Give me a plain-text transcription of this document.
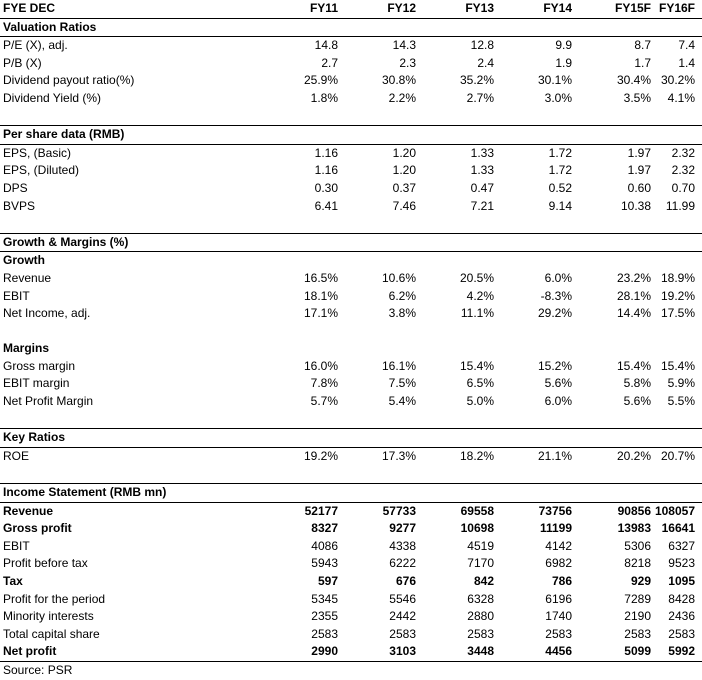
FYE DEC	FY11	FY12	FY13	FY14	FY15F FY16F
Valuation Ratios
P/E (X), adj.	14.8	14.3	12.8	9.9	8.7	7.4
P/B (X)	2.7	2.3	2.4	1.9	1.7	1.4
Dividend payout ratio(%)	25.9%	30.8%	35.2%	30.1%	30.4% 30.2%
Dividend Yield (%)	1.8%	2.2%	2.7%	3.0%	3.5%	4.1%
Per share data (RMB)
EPS, (Basic)	1.16	1.20	1.33	1.72	1.97	2.32
EPS, (Diluted)	1.16	1.20	1.33	1.72	1.97	2.32
DPS	0.30	0.37	0.47	0.52	0.60	0.70
BVPS	6.41	7.46	7.21	9.14	10.38	11.99
Growth & Margins (%)
Growth
Revenue	16.5%	10.6%	20.5%	6.0%	23.2% 18.9%
EBIT	18.1%	6.2%	4.2%	-8.3%	28.1% 19.2%
Net Income, adj.	17.1%	3.8%	11.1%	29.2%	14.4% 17.5%
Margins
Gross margin	16.0%	16.1%	15.4%	15.2%	15.4% 15.4%
EBIT margin	7.8%	7.5%	6.5%	5.6%	5.8%	5.9%
Net Profit Margin	5.7%	5.4%	5.0%	6.0%	5.6%	5.5%
Key Ratios
ROE	19.2%	17.3%	18.2%	21.1%	20.2% 20.7%
Income Statement (RMB mn)
Revenue	52177	57733	69558	73756	90856 108057
Gross profit	8327	9277	10698	11199	13983 16641
EBIT	4086	4338	4519	4142	5306	6327
Profit before tax	5943	6222	7170	6982	8218	9523
Tax	597	676	842	786	929	1095
Profit for the period	5345	5546	6328	6196	7289	8428
Minority interests	2355	2442	2880	1740	2190	2436
Total capital share	2583	2583	2583	2583	2583	2583
Net profit	2990	3103	3448	4456	5099	5992
Source: PSR
